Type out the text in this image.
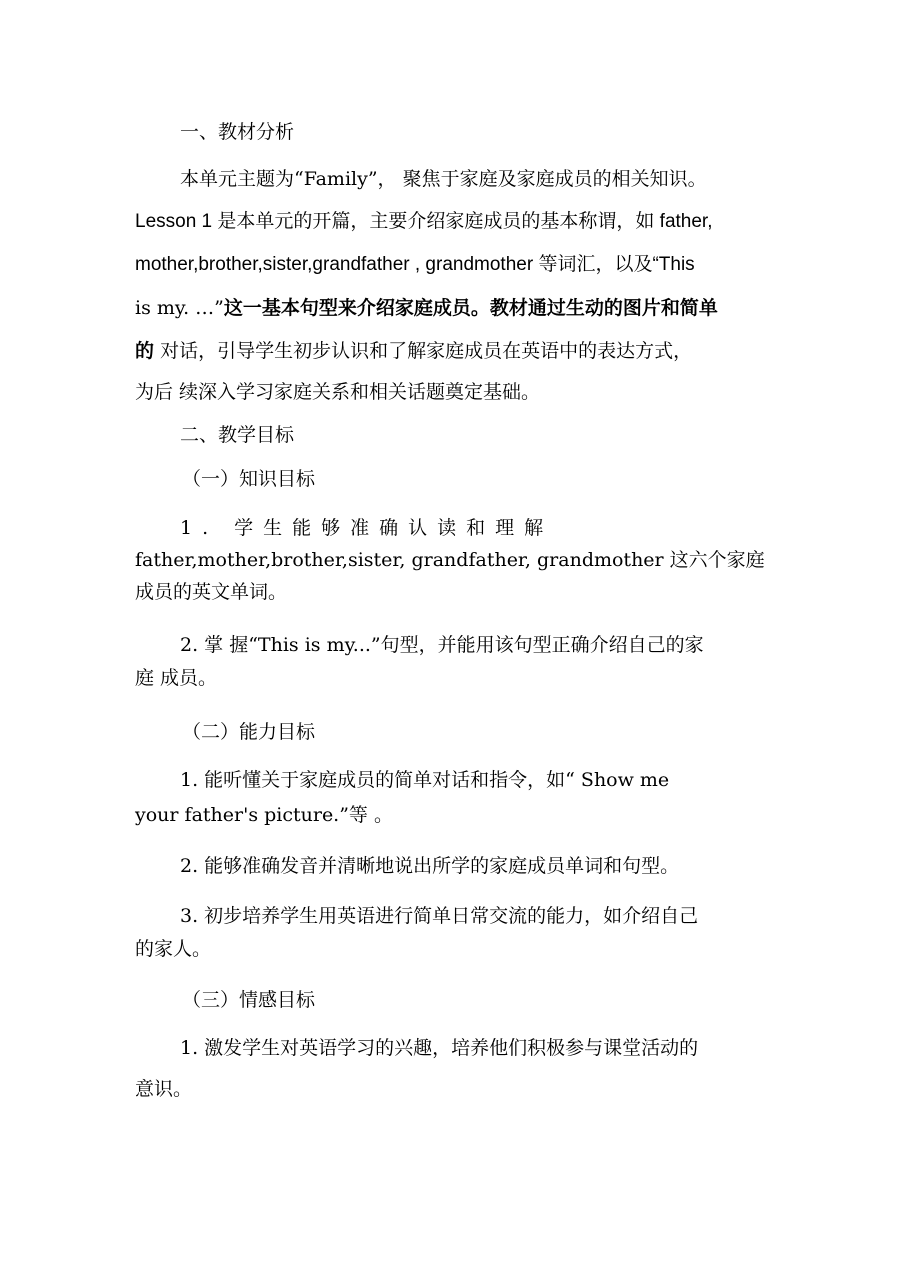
一、教材分析

本单元主题为“Family”， 聚焦于家庭及家庭成员的相关知识。

Lesson 1 是本单元的开篇，主要介绍家庭成员的基本称谓，如 father,

mother,brother,sister,grandfather , grandmother 等词汇，以及“This

is my. …”这一基本句型来介绍家庭成员。教材通过生动的图片和简单

的 对话，引导学生初步认识和了解家庭成员在英语中的表达方式，

为后 续深入学习家庭关系和相关话题奠定基础。

二、教学目标

（一）知识目标

1. 学生能够准确认读和理解

father,mother,brother,sister, grandfather, grandmother 这六个家庭

成员的英文单词。

2. 掌 握“This is my...”句型，并能用该句型正确介绍自己的家

庭 成员。

（二）能力目标

1. 能听懂关于家庭成员的简单对话和指令，如“ Show me

your father's picture.”等 。

2. 能够准确发音并清晰地说出所学的家庭成员单词和句型。

3. 初步培养学生用英语进行简单日常交流的能力，如介绍自己

的家人。

（三）情感目标

1. 激发学生对英语学习的兴趣，培养他们积极参与课堂活动的

意识。
